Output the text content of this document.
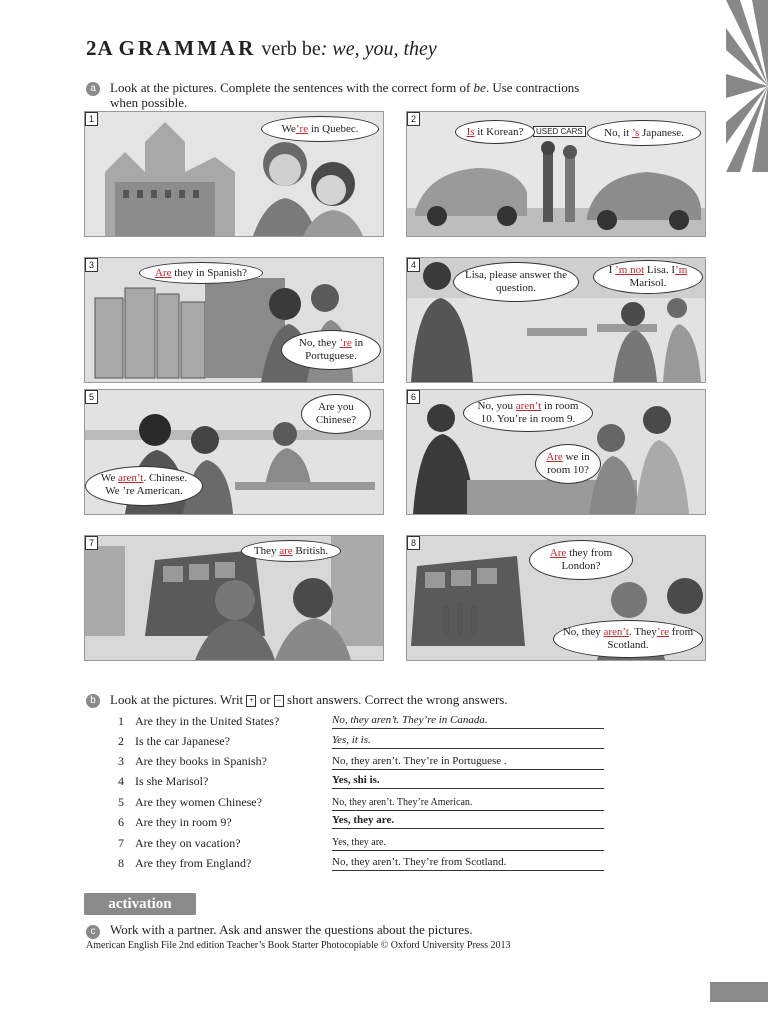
2A GRAMMAR verb be: we, you, they
a	Look at the pictures. Complete the sentences with the correct form of be. Use contractions
when possible.
1
We’re in Quebec.
2
USED CARS
Is it Korean?	No, it ’s Japanese.
3
Are they in Spanish?
No, they ’re in Portuguese.
4
Lisa, please answer the question.
I ’m not Lisa. I’m Marisol.
5
Are you Chinese?
We aren’t. Chinese.
We ’re American.
6
No, you aren’t in room 10. You’re in room 9.
Are we in room 10?
7
They are British.
8
Are they from London?
No, they aren’t. They’re from Scotland.
b	Look at the pictures. Writ + or − short answers. Correct the wrong answers.
1 Are they in the United States?	No, they aren’t. They’re in Canada.
2 Is the car Japanese?	Yes, it is.
3 Are they books in Spanish?	No, they aren’t. They’re in Portuguese .
4 Is she Marisol?	Yes, shi is.
5 Are they women Chinese?	No, they aren’t. They’re American.
6 Are they in room 9?	Yes, they are.
7 Are they on vacation?	Yes, they are.
8 Are they from England?	No, they aren’t. They’re from Scotland.
activation
c	Work with a partner. Ask and answer the questions about the pictures.
American English File 2nd edition Teacher’s Book Starter Photocopiable © Oxford University Press 2013
